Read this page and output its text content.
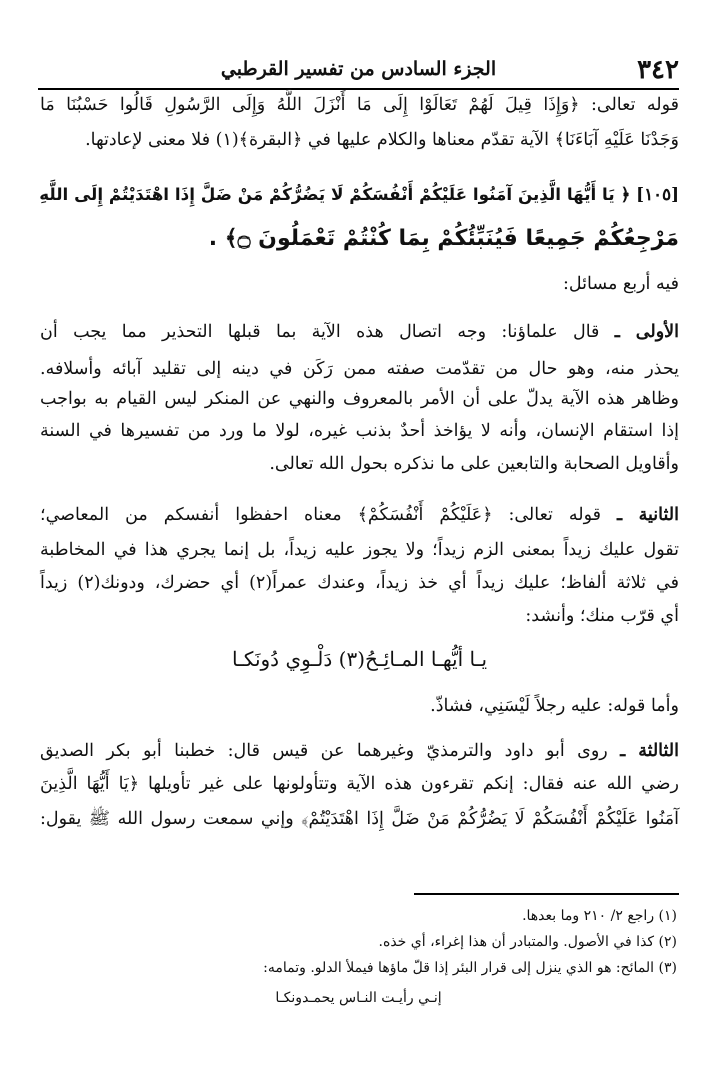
٣٤٢
الجزء السادس من تفسير القرطبي
قوله تعالى: ﴿وَإِذَا قِيلَ لَهُمْ تَعَالَوْا إِلَى مَا أَنْزَلَ اللَّهُ وَإِلَى الرَّسُولِ قَالُوا حَسْبُنَا مَا
وَجَدْنَا عَلَيْهِ آبَاءَنَا﴾ الآية تقدّم معناها والكلام عليها في ﴿البقرة﴾(١) فلا معنى لإعادتها.
[١٠٥] ﴿ يَا أَيُّهَا الَّذِينَ آمَنُوا عَلَيْكُمْ أَنْفُسَكُمْ لَا يَضُرُّكُمْ مَنْ ضَلَّ إِذَا اهْتَدَيْتُمْ إِلَى اللَّهِ
مَرْجِعُكُمْ جَمِيعًا فَيُنَبِّئُكُمْ بِمَا كُنْتُمْ تَعْمَلُونَ ۝﴾ .
فيه أربع مسائل:
الأولى ـ قال علماؤنا: وجه اتصال هذه الآية بما قبلها التحذير مما يجب أن
يحذر منه، وهو حال من تقدّمت صفته ممن رَكَن في دينه إلى تقليد آبائه وأسلافه.
وظاهر هذه الآية يدلّ على أن الأمر بالمعروف والنهي عن المنكر ليس القيام به بواجب
إذا استقام الإنسان، وأنه لا يؤاخذ أحدٌ بذنب غيره، لولا ما ورد من تفسيرها في السنة
وأقاويل الصحابة والتابعين على ما نذكره بحول الله تعالى.
الثانية ـ قوله تعالى: ﴿عَلَيْكُمْ أَنْفُسَكُمْ﴾ معناه احفظوا أنفسكم من المعاصي؛
تقول عليك زيداً بمعنى الزم زيداً؛ ولا يجوز عليه زيداً، بل إنما يجري هذا في المخاطبة
في ثلاثة ألفاظ؛ عليك زيداً أي خذ زيداً، وعندك عمراً(٢) أي حضرك، ودونك(٢) زيداً
أي قرّب منك؛ وأنشد:
يـا أيُّهـا المـائِـحُ(٣) دَلْـوِي دُونَكـا
وأما قوله: عليه رجلاً لَيْسَنِي، فشاذّ.
الثالثة ـ روى أبو داود والترمذيّ وغيرهما عن قيس قال: خطبنا أبو بكر الصديق
رضي الله عنه فقال: إنكم تقرءون هذه الآية وتتأولونها على غير تأويلها ﴿يَا أَيُّهَا الَّذِينَ
آمَنُوا عَلَيْكُمْ أَنْفُسَكُمْ لَا يَضُرُّكُمْ مَنْ ضَلَّ إِذَا اهْتَدَيْتُمْ﴾ وإني سمعت رسول الله ﷺ يقول:
(١) راجع ٢/ ٢١٠ وما بعدها.
(٢) كذا في الأصول. والمتبادر أن هذا إغراء، أي خذه.
(٣) المائح: هو الذي ينزل إلى قرار البئر إذا قلّ ماؤها فيملأ الدلو. وتمامه:
إنـي رأيـت النـاس يحمـدونكـا
